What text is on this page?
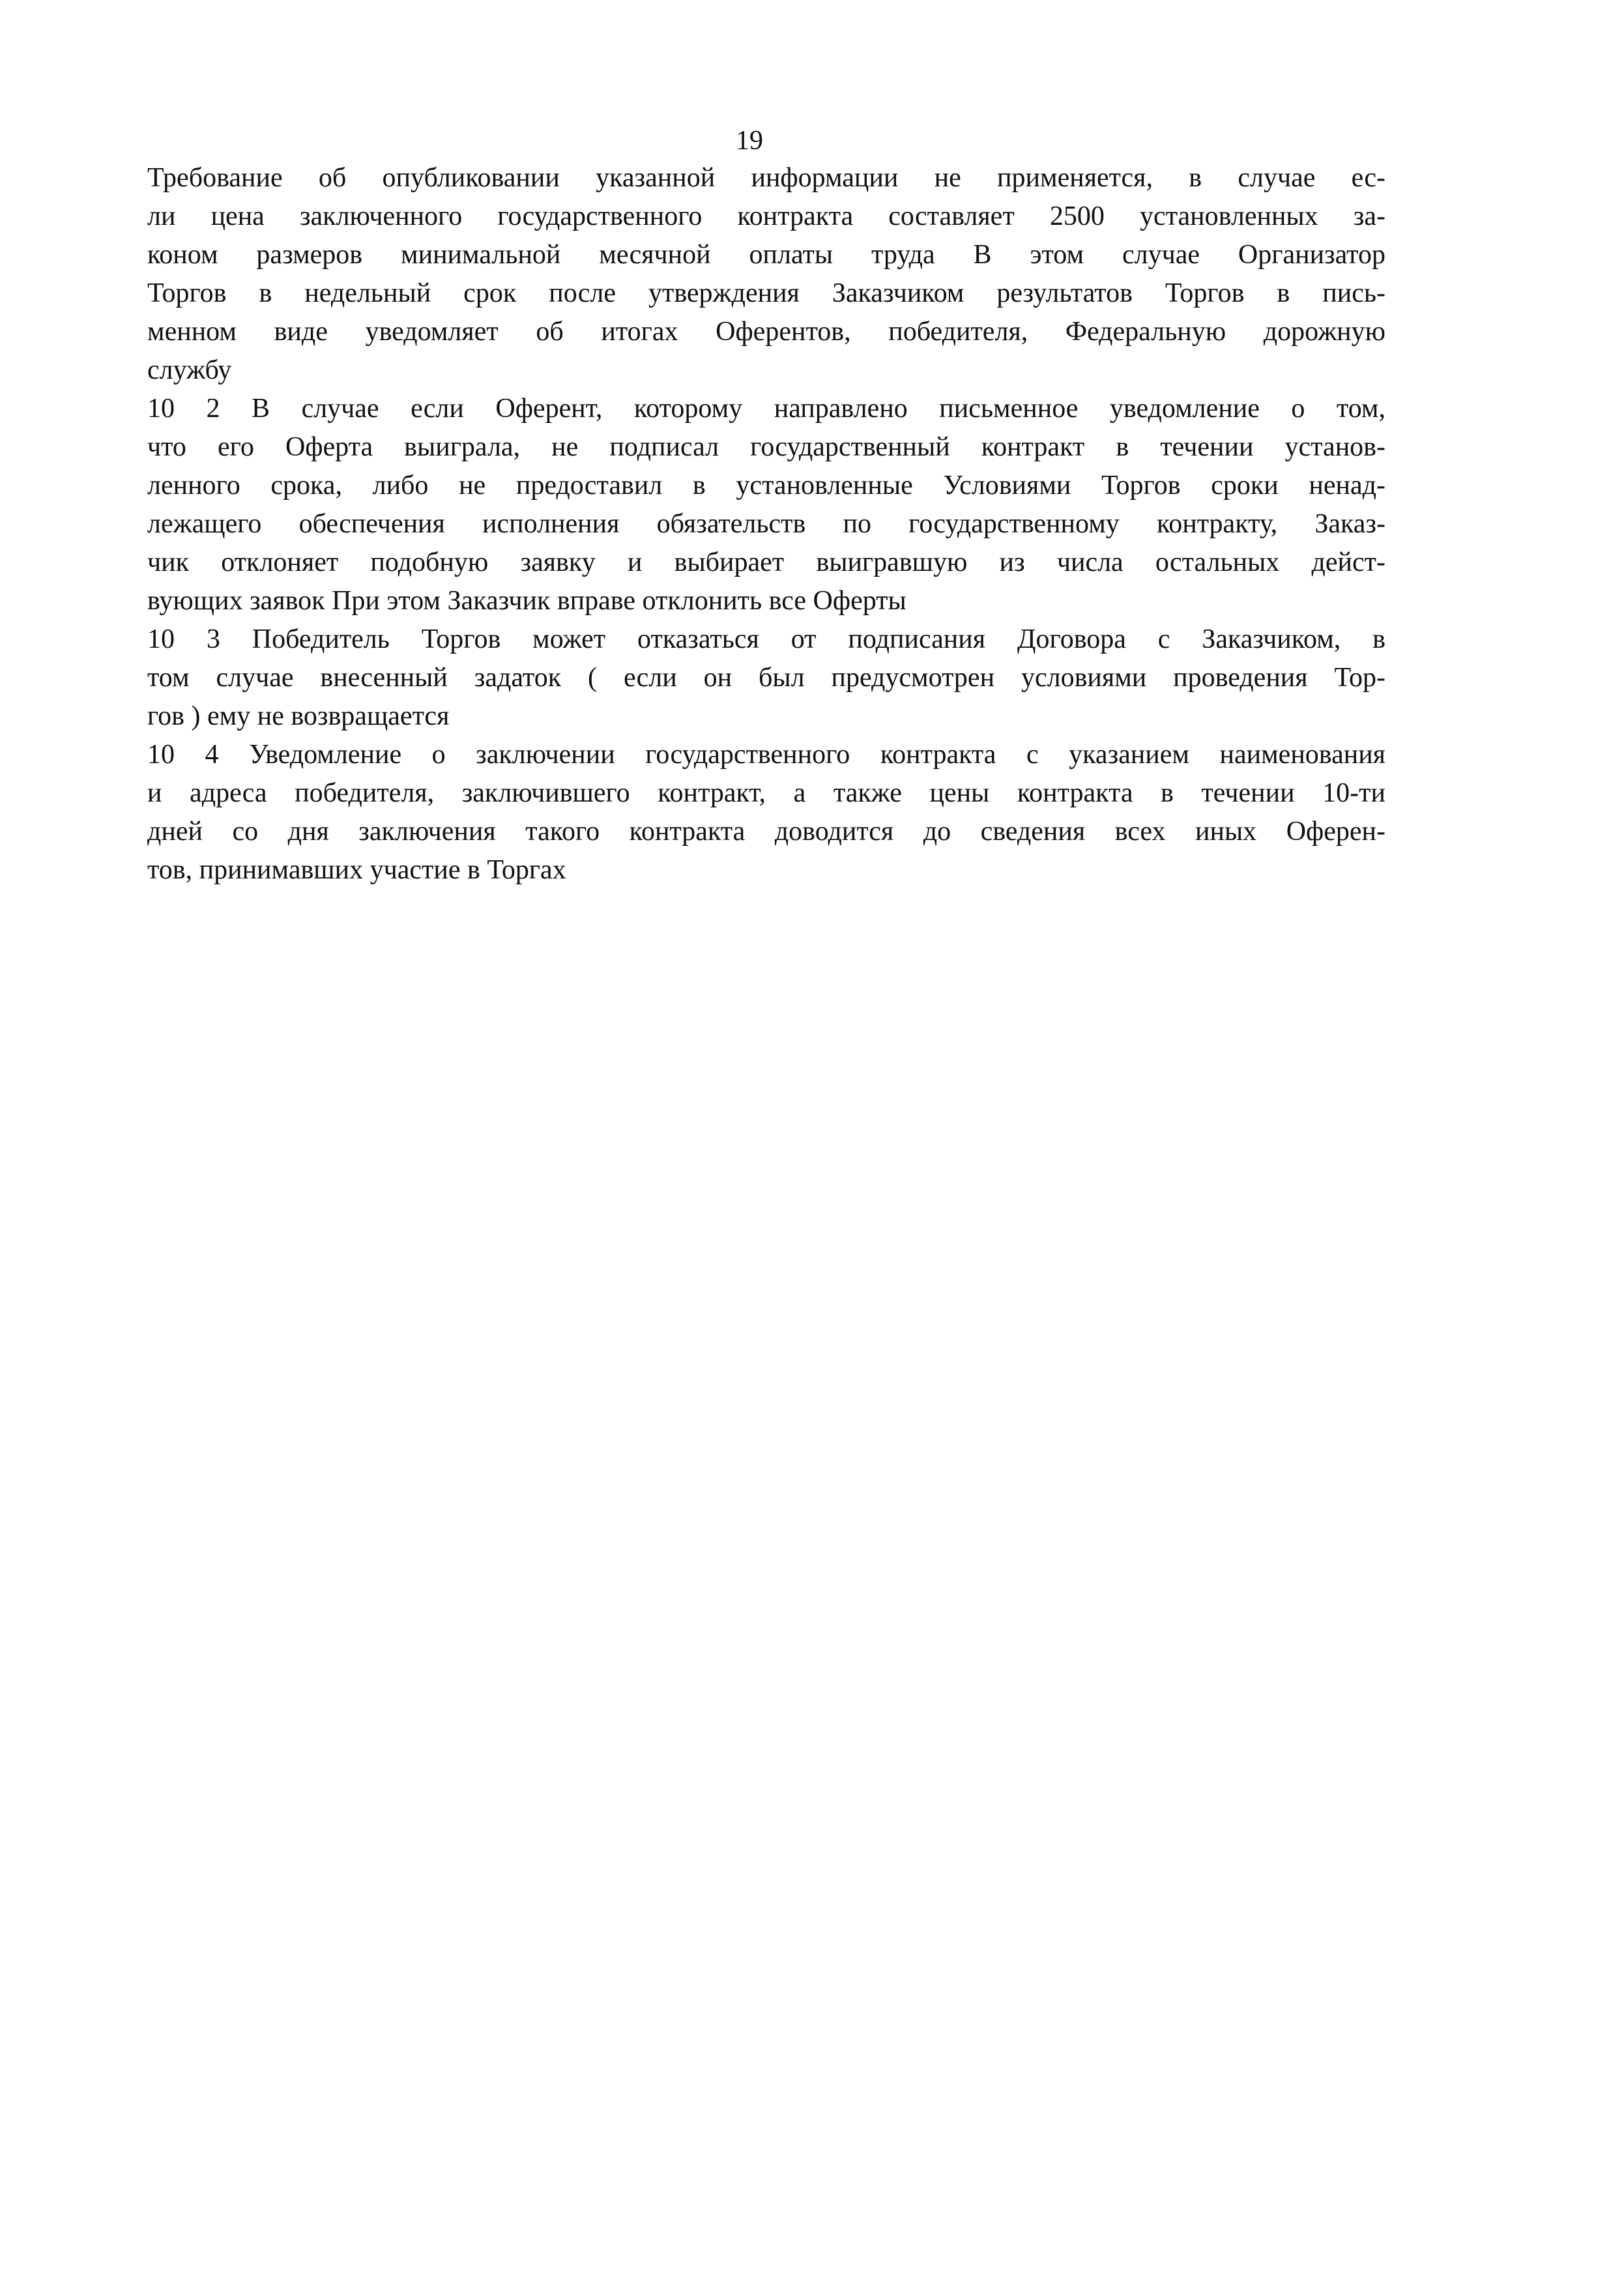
19
Требование об опубликовании указанной информации не применяется, в случае ес-
ли цена заключенного государственного контракта составляет 2500 установленных за-
коном размеров минимальной месячной оплаты труда В этом случае Организатор
Торгов в недельный срок после утверждения Заказчиком результатов Торгов в пись-
менном виде уведомляет об итогах Оферентов, победителя, Федеральную дорожную
службу
10 2 В случае если Оферент, которому направлено письменное уведомление о том,
что его Оферта выиграла, не подписал государственный контракт в течении установ-
ленного срока, либо не предоставил в установленные Условиями Торгов сроки ненад-
лежащего обеспечения исполнения обязательств по государственному контракту, Заказ-
чик отклоняет подобную заявку и выбирает выигравшую из числа остальных дейст-
вующих заявок При этом Заказчик вправе отклонить все Оферты
10 3 Победитель Торгов может отказаться от подписания Договора с Заказчиком, в
том случае внесенный задаток ( если он был предусмотрен условиями проведения Тор-
гов ) ему не возвращается
10 4 Уведомление о заключении государственного контракта с указанием наименования
и адреса победителя, заключившего контракт, а также цены контракта в течении 10-ти
дней со дня заключения такого контракта доводится до сведения всех иных Оферен-
тов, принимавших участие в Торгах
